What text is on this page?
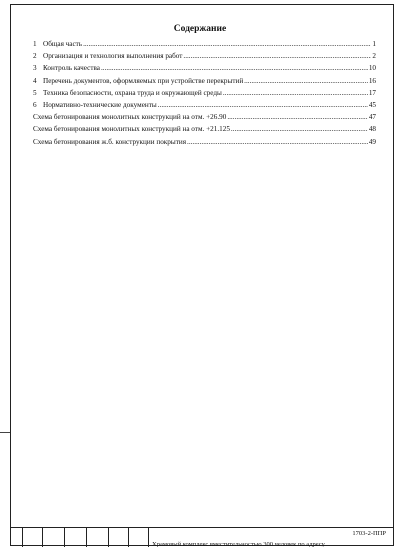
Содержание
1 Общая часть .....	1
2 Организация и технология выполнения работ .....	2
3 Контроль качества .....	10
4 Перечень документов, оформляемых при устройстве перекрытий .....	16
5 Техника безопасности, охрана труда и окружающей среды .....	17
6 Нормативно-технические документы .....	45
Схема бетонирования монолитных конструкций на отм. +26.90 .....	47
Схема бетонирования монолитных конструкций на отм. +21.125 .....	48
Схема бетонирования ж.б. конструкции покрытия .....	49
1703-2-ППР
Храмовый комплекс вместительностью 300 человек по адресу
